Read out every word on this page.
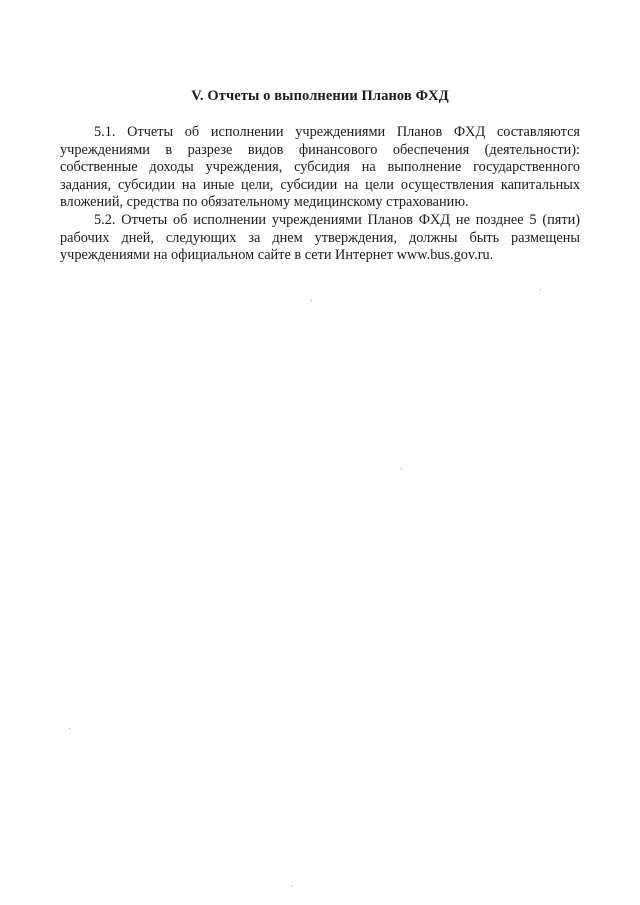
V. Отчеты о выполнении Планов ФХД

5.1. Отчеты об исполнении учреждениями Планов ФХД составляются учреждениями в разрезе видов финансового обеспечения (деятельности): собственные доходы учреждения, субсидия на выполнение государственного задания, субсидии на иные цели, субсидии на цели осуществления капитальных вложений, средства по обязательному медицинскому страхованию.

5.2. Отчеты об исполнении учреждениями Планов ФХД не позднее 5 (пяти) рабочих дней, следующих за днем утверждения, должны быть размещены учреждениями на официальном сайте в сети Интернет www.bus.gov.ru.
